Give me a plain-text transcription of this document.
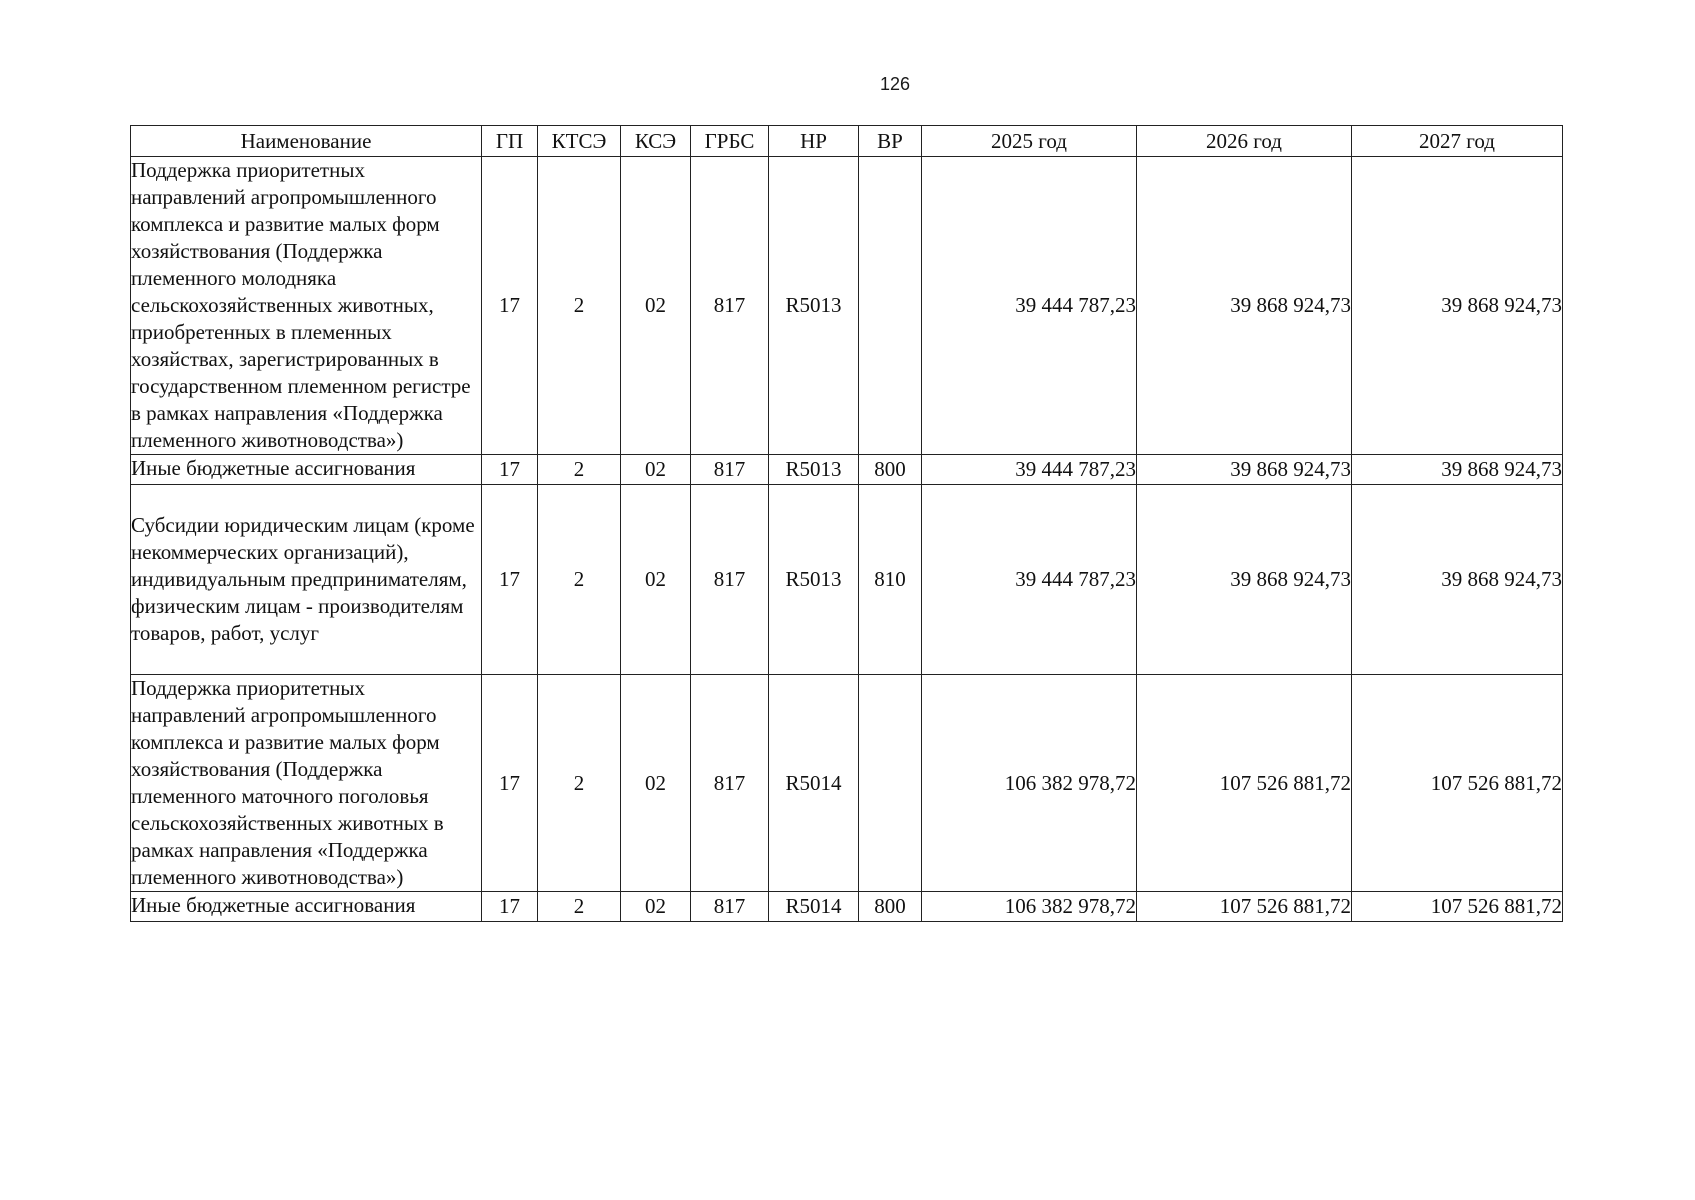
126
Наименование	ГП	КТСЭ	КСЭ	ГРБС	НР	ВР	2025 год	2026 год	2027 год
Поддержка приоритетных направлений агропромышленного комплекса и развитие малых форм хозяйствования (Поддержка племенного молодняка сельскохозяйственных животных, приобретенных в племенных хозяйствах, зарегистрированных в государственном племенном регистре в рамках направления «Поддержка племенного животноводства»)	17	2	02	817	R5013		39 444 787,23	39 868 924,73	39 868 924,73
Иные бюджетные ассигнования	17	2	02	817	R5013	800	39 444 787,23	39 868 924,73	39 868 924,73
Субсидии юридическим лицам (кроме некоммерческих организаций), индивидуальным предпринимателям, физическим лицам - производителям товаров, работ, услуг	17	2	02	817	R5013	810	39 444 787,23	39 868 924,73	39 868 924,73
Поддержка приоритетных направлений агропромышленного комплекса и развитие малых форм хозяйствования (Поддержка племенного маточного поголовья сельскохозяйственных животных в рамках направления «Поддержка племенного животноводства»)	17	2	02	817	R5014		106 382 978,72	107 526 881,72	107 526 881,72
Иные бюджетные ассигнования	17	2	02	817	R5014	800	106 382 978,72	107 526 881,72	107 526 881,72
